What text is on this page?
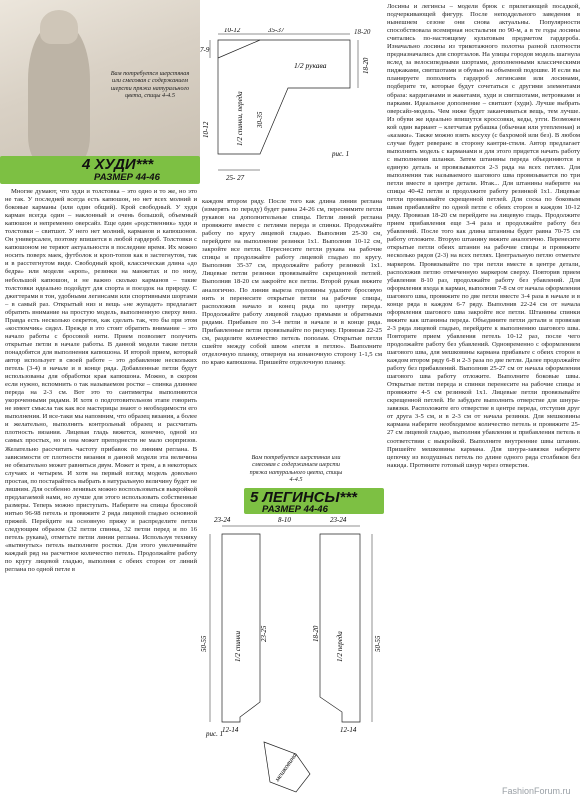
Вам потребуется шерстяная или смесовая с содержанием шерсти пряжа натурального цвета, спицы 4-4.5
4 ХУДИ***
РАЗМЕР 44-46

Многие думают, что худи и толстовка – это одно и то же, но это не так. У последней всегда есть капюшон, но нет всех молний и боковые карманы (или один общий). Крой свободный. У худи карман всегда один – наклонный и очень большой, объемный капюшон и непременно оверсайз. Еще один «родственник» худи и толстовки – свитшот. У него нет молний, карманов и капюшонов. Он универсален, поэтому впишется в любой гардероб. Толстовки с капюшоном не теряют актуальности в последние время. Их можно носить поверх маек, футболок и кроп-топов как в застегнутом, так и в расстегнутом виде. Свободный крой, классическая длина «до бедра» или модели «кроп», резинки на манжетах и по низу, небольшой капюшон, и не важно сколько карманов – такие толстовки идеально подойдут для спорта и поездок на природу. С джегтерами в тон, удобными легинсами или спортивными шортами – в самый раз. Открытый низ и вещь «не жупадет» предлагает обратить внимание на простую модель, выполненную сверху вниз. Правда есть несколько секретов, как сделать так, что бы при этом «костюмчик» сидел. Прежде в это стоит обратить внимание – это начало работы с бросовой нити. Прием позволяет получить открытые петли в начале работы. В данной модели такие петли понадобятся для выполнения капюшона. И второй прием, который автор использует в своей работе – это добавление нескольких петель (3-4) в начале и в конце ряда. Добавленные петли будут использованы для обработки края капюшона. Можно, в скором если нужно, вспомнить о так называемом ростке – спинка длиннее переда на 2-3 см. Вот это то сантиметры выполняются укороченными рядами. И хотя о подготовительном этапе говорить не имеет смысла так как все мастерицы знают о необходимости его выполнения. И все-таки мы напомним, что образец вязания, а более и желательно, выполнить контрольный образец и рассчитать плотность вязания. Лицевая гладь вяжется, конечно, одной из самых простых, но и она может преподнести не мало сюрпризов. Желательно рассчитать частоту прибавок по линиям реглана. В зависимости от плотности вязания в данной модели эта величина не обязательно может равняться двум. Может и трем, а в некоторых случаях и четырем. И хотя на первый взгляд модель довольно простая, по постарайтесь выбрать в натуральную величину будет не лишним. Для особенно ленивых можно воспользоваться выкройкой предлагаемой нами, но лучше для этого использовать собственные размеры. Теперь можно приступать. Наберите на спицы бросовой нитью 96-98 петель и провяжите 2 ряда лицевой гладью основной пряжей. Перейдите на основную пряжу и распределите петли следующим образом (32 петли спинка, 32 петли перед и по 16 петель рукава), отметьте петли линии реглана. Используя технику «вытянутых» петель выполните ростки. Для этого увеличивайте каждый ряд на расчетное количество петель. Продолжайте работу по кругу лицевой гладью, выполняя с обеих сторон от линий реглана по одной петле в

10-12	35-37
7-9
1/2 рукава
1/2 спинки, переда 30-35
18-20
10-12
25- 27
рис. 1
18-20

каждом втором ряду. После того как длина линии реглана (измерять по переду) будет равна 24-26 см, переснимите петли рукавов на дополнительные спицы. Петли линий реглана провяжите вместе с петлями переда и спинки. Продолжайте работу по кругу лицевой гладью. Выполнив 25-30 см, перейдите на выполнение резинки 1x1. Выполнив 10-12 см, закройте все петли. Переснесите петли рукава на рабочие спицы и продолжайте работу лицевой гладью по кругу. Выполнив 35-37 см, продолжайте работу резинкой 1x1. Лицевые петли резинки провязывайте скрещенной петлей. Выполнив 18-20 см закройте все петли. Второй рукав вяжите аналогично. По линии выреза горловины удалите бросовую нить и перенесите открытые петли на рабочие спицы, расположив начало и конец ряда по центру переда. Продолжайте работу лицевой гладью прямыми и обратными рядами. Прибавьте по 3-4 петли в начале и в конце ряда. Прибавленные петли провязывайте по рисунку. Провязав 22-25 см, разделите количество петель пополам. Открытые петли сшейте между собой швом «петля в петлю». Выполните отделочную планку, отвернув на изнаночную сторону 1-1,5 см по краю капюшона. Пришейте отделочную планку.

Вам потребуется шерстяная или смесовая с содержанием шерсти пряжа натурального цвета, спицы 4-4.5
5 ЛЕГИНСЫ***
РАЗМЕР 44-46
23-24	8-10	23-24
1/2 спинки	1/2 переда
50-55	50-55
23-25	18-20
12-14	12-14
рис. 1
мешковина

Лосины и легинсы – модели брюк с прилегающей посадкой, подчеркивающей фигуру. После неподдельного заведения в нынешнем сезоне они снова актуальны. Популярности способствовала всемирная ностальгия по 90-м, а в те годы лосины считались по-настоящему культовым предметом гардероба. Изначально лосины из трикотажного полотна разной плотности предназначались для спортзалов. На улицы городов модель шагнула вслед за велосипедными шортами, дополненными классическими пиджаками, свитшотами и обувью на объемной подошве. И если вы планируете пополнить гардероб легинсами или лосинами, подберите те, которые будут сочетаться с другими элементами образа: кардиганами и жакетами, худи и свитшотами, ветровками и парками. Идеальное дополнение – свитшот (худи). Лучше выбрать оверсайз-модель. Чем ниже будет заканчиваться вещь, тем лучше. Из обуви же идеально впишутся кроссовки, кеды, угги. Возможен кой один вариант – клетчатая рубашка (обычная или утепленная) и «казаки». Также можно взять косуху (с бахромой или без). В любом случае будет реверанс в сторону кантри-стиля. Автор предлагает выполнить модель с карманами и для этого придется начать работу с выполнения шланки. Затем штанины переда объединяются в единую деталь и провязываются 2-3 ряда на всех петлях. Для выполнения так называемого шагового шва провязывается по три петли вместе в центре детали. Итак... Для штанины наберите на спицы 40-42 петли и продолжите работу резинкой 1x1. Лицевые петли провязывайте скрещенной петлей. Для соска по боковым швам прибавляйте по одной петле с обеих сторон в каждом 10-12 ряду. Провязав 18-20 см перейдите на лицевую гладь. Продолжите прием прибавления еще 3-4 раза и продолжайте работу без убавлений. После того как длина штанины будет равна 70-75 см работу отложите. Вторую штанину вяжите аналогично. Перенесите открытые петли обеих штанин на рабочие спицы и провяжите несколько рядов (2-3) на всех петлях. Центральную петлю отметьте маркером. Провязывайте по три петли вместе в центре детали, расположив петлю отмеченную маркером сверху. Повторив прием убавления 8-10 раз, продолжайте работу без убавлений. Для оформления входа в карман, выполнив 7-8 см от начала оформления шагового шва, провяжите по две петли вместе 3-4 раза в начале и в конце ряда в каждом 6-7 ряду. Выполнив 22-24 см от начала оформления шагового шва закройте все петли. Штанины спинки вяжите как штанины переда. Объедините петли детали и провязав 2-3 ряда лицевой гладью, перейдите к выполнению шагового шва. Повторите прием убавления петель 10-12 раз, после чего продолжайте работу без убавлений. Одновременно с оформлением шагового шва, для мешковины кармана прибавьте с обеих сторон в каждом втором ряду 6-8 и 2-3 раза по две петли. Далее продолжайте работу без прибавлений. Выполнив 25-27 см от начала оформления шагового шва работу отложите. Выполните боковые швы. Открытые петли переда и спинки перенесите на рабочие спицы и провяжите 4-5 см резинкой 1x1. Лицевые петли провязывайте скрещенной петлей. Не забудьте выполнить отверстие для шнура-завязки. Расположите его отверстие в центре переда, отступив друг от друга 3-5 см, и в 2-3 см от начала резинки. Для мешковины кармана наберите необходимое количество петель и провяжите 25-27 см лицевой гладью, выполняя убавления и прибавления петель в соответствии с выкройкой. Выполните внутренние швы штанин. Пришейте мешковины кармана. Для шнура-завязки наберите цепочку из воздушных петель по длине одного ряда столбиков без накида. Протяните готовый шнур через отверстия.

FashionForum.ru
